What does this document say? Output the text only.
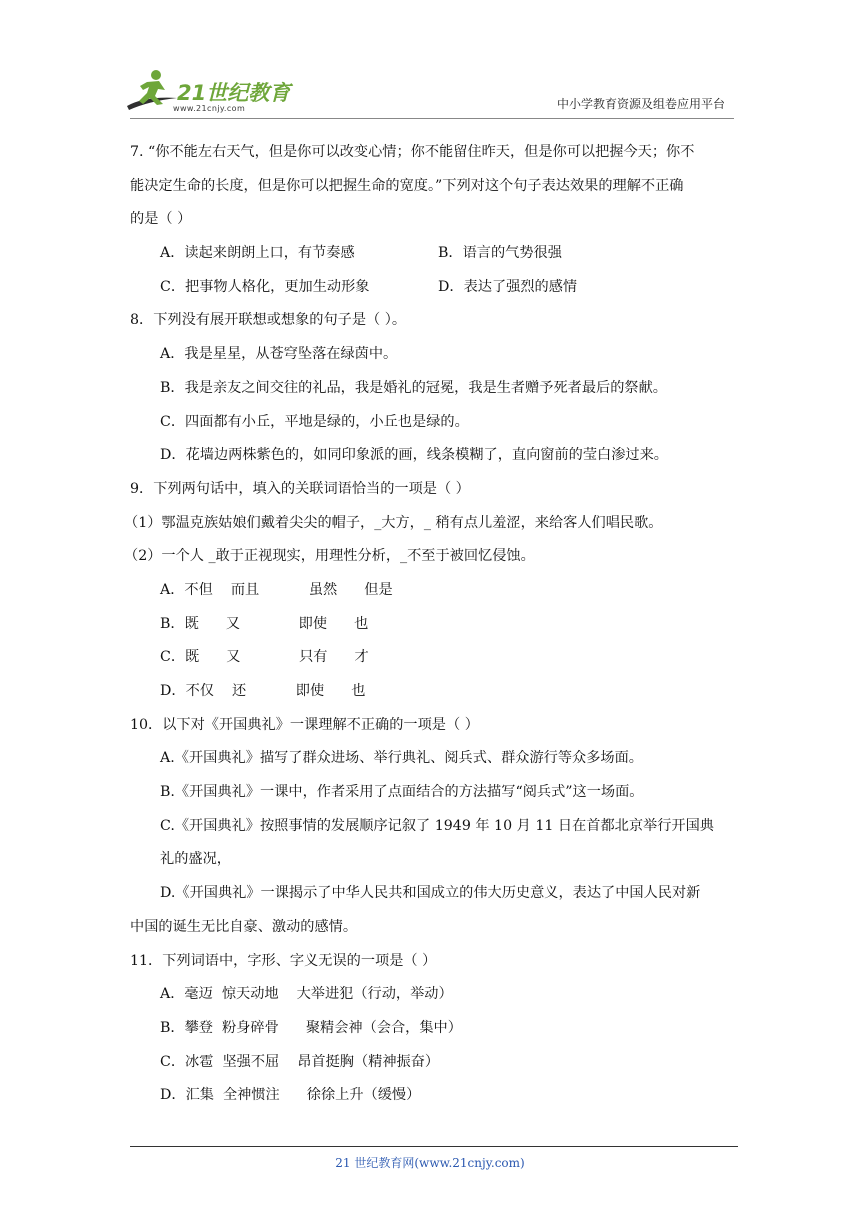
21世纪教育
www.21cnjy.com	中小学教育资源及组卷应用平台
7. “你不能左右天气，但是你可以改变心情；你不能留住昨天，但是你可以把握今天；你不
能决定生命的长度，但是你可以把握生命的宽度。”下列对这个句子表达效果的理解不正确
的是（ ）
A．读起来朗朗上口，有节奏感	B．语言的气势很强
C．把事物人格化，更加生动形象	D．表达了强烈的感情
8．下列没有展开联想或想象的句子是（ ）。
A．我是星星，从苍穹坠落在绿茵中。
B．我是亲友之间交往的礼品，我是婚礼的冠冕，我是生者赠予死者最后的祭献。
C．四面都有小丘，平地是绿的，小丘也是绿的。
D．花墙边两株紫色的，如同印象派的画，线条模糊了，直向窗前的莹白渗过来。
9．下列两句话中，填入的关联词语恰当的一项是（ ）
（1）鄂温克族姑娘们戴着尖尖的帽子，_大方，_ 稍有点儿羞涩，来给客人们唱民歌。
（2）一个人 _敢于正视现实，用理性分析，_不至于被回忆侵蚀。
A．不但    而且           虽然      但是
B．既      又             即使      也
C．既      又             只有      才
D．不仅    还           即使      也
10．以下对《开国典礼》一课理解不正确的一项是（ ）
A.《开国典礼》描写了群众进场、举行典礼、阅兵式、群众游行等众多场面。
B.《开国典礼》一课中，作者采用了点面结合的方法描写“阅兵式”这一场面。
C.《开国典礼》按照事情的发展顺序记叙了 1949 年 10 月 11 日在首都北京举行开国典
礼的盛况，
D.《开国典礼》一课揭示了中华人民共和国成立的伟大历史意义，表达了中国人民对新
中国的诞生无比自豪、激动的感情。
11．下列词语中，字形、字义无误的一项是（ ）
A．毫迈  惊天动地    大举进犯（行动，举动）
B．攀登  粉身碎骨      聚精会神（会合，集中）
C．冰雹  坚强不屈    昂首挺胸（精神振奋）
D．汇集  全神惯注      徐徐上升（缓慢）
21 世纪教育网(www.21cnjy.com)
